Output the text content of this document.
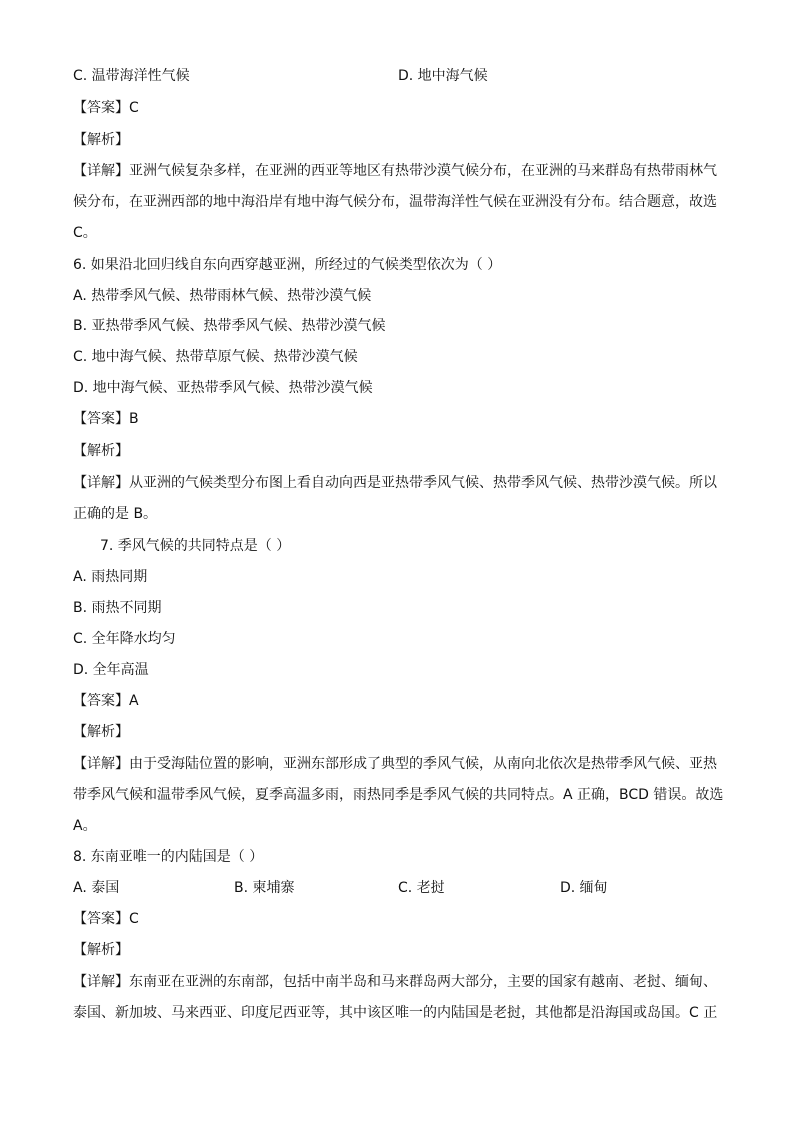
C. 温带海洋性气候	D. 地中海气候
【答案】C
【解析】
【详解】亚洲气候复杂多样，在亚洲的西亚等地区有热带沙漠气候分布，在亚洲的马来群岛有热带雨林气
候分布，在亚洲西部的地中海沿岸有地中海气候分布，温带海洋性气候在亚洲没有分布。结合题意，故选
C。
6. 如果沿北回归线自东向西穿越亚洲，所经过的气候类型依次为（ ）
A. 热带季风气候、热带雨林气候、热带沙漠气候
B. 亚热带季风气候、热带季风气候、热带沙漠气候
C. 地中海气候、热带草原气候、热带沙漠气候
D. 地中海气候、亚热带季风气候、热带沙漠气候
【答案】B
【解析】
【详解】从亚洲的气候类型分布图上看自动向西是亚热带季风气候、热带季风气候、热带沙漠气候。所以
正确的是 B。
7. 季风气候的共同特点是（ ）
A. 雨热同期
B. 雨热不同期
C. 全年降水均匀
D. 全年高温
【答案】A
【解析】
【详解】由于受海陆位置的影响，亚洲东部形成了典型的季风气候，从南向北依次是热带季风气候、亚热
带季风气候和温带季风气候，夏季高温多雨，雨热同季是季风气候的共同特点。A 正确，BCD 错误。故选
A。
8. 东南亚唯一的内陆国是（ ）
A. 泰国	B. 柬埔寨	C. 老挝	D. 缅甸
【答案】C
【解析】
【详解】东南亚在亚洲的东南部，包括中南半岛和马来群岛两大部分，主要的国家有越南、老挝、缅甸、
泰国、新加坡、马来西亚、印度尼西亚等，其中该区唯一的内陆国是老挝，其他都是沿海国或岛国。C 正
